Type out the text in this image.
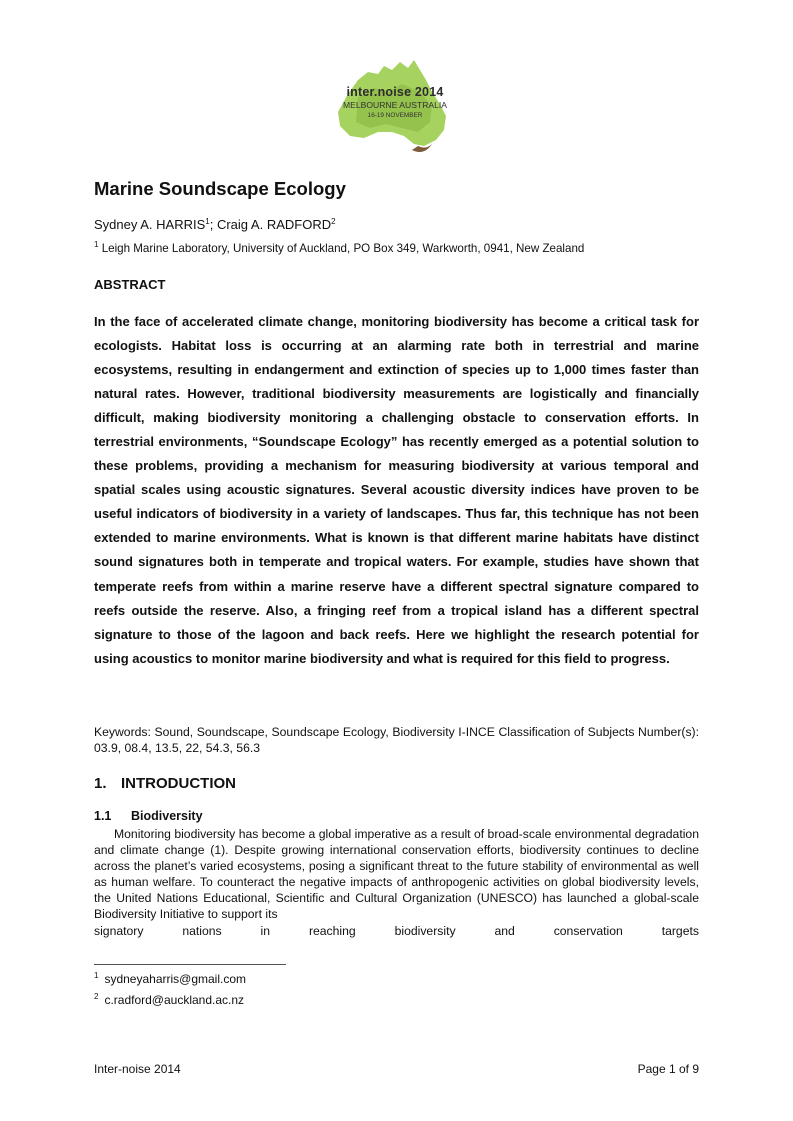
inter.noise 2014
MELBOURNE AUSTRALIA
16-19 NOVEMBER
Marine Soundscape Ecology
Sydney A. HARRIS$^1$; Craig A. RADFORD$^2$
$^1$ Leigh Marine Laboratory, University of Auckland, PO Box 349, Warkworth, 0941, New Zealand
ABSTRACT

In the face of accelerated climate change, monitoring biodiversity has become a critical task for ecologists. Habitat loss is occurring at an alarming rate both in terrestrial and marine ecosystems, resulting in endangerment and extinction of species up to 1,000 times faster than natural rates. However, traditional biodiversity measurements are logistically and financially difficult, making biodiversity monitoring a challenging obstacle to conservation efforts. In terrestrial environments, “Soundscape Ecology” has recently emerged as a potential solution to these problems, providing a mechanism for measuring biodiversity at various temporal and spatial scales using acoustic signatures. Several acoustic diversity indices have proven to be useful indicators of biodiversity in a variety of landscapes. Thus far, this technique has not been extended to marine environments. What is known is that different marine habitats have distinct sound signatures both in temperate and tropical waters. For example, studies have shown that temperate reefs from within a marine reserve have a different spectral signature compared to reefs outside the reserve. Also, a fringing reef from a tropical island has a different spectral signature to those of the lagoon and back reefs. Here we highlight the research potential for using acoustics to monitor marine biodiversity and what is required for this field to progress.

Keywords: Sound, Soundscape, Soundscape Ecology, Biodiversity I-INCE Classification of Subjects Number(s): 03.9, 08.4, 13.5, 22, 54.3, 56.3

1. INTRODUCTION
1.1 Biodiversity
Monitoring biodiversity has become a global imperative as a result of broad-scale environmental degradation and climate change (1). Despite growing international conservation efforts, biodiversity continues to decline across the planet’s varied ecosystems, posing a significant threat to the future stability of environmental as well as human welfare. To counteract the negative impacts of anthropogenic activities on global biodiversity levels, the United Nations Educational, Scientific and Cultural Organization (UNESCO) has launched a global-scale Biodiversity Initiative to support its
signatory	nations	in	reaching	biodiversity	and	conservation	targets
$^1$ sydneyaharris@gmail.com
$^2$ c.radford@auckland.ac.nz
Inter-noise 2014	Page 1 of 9
